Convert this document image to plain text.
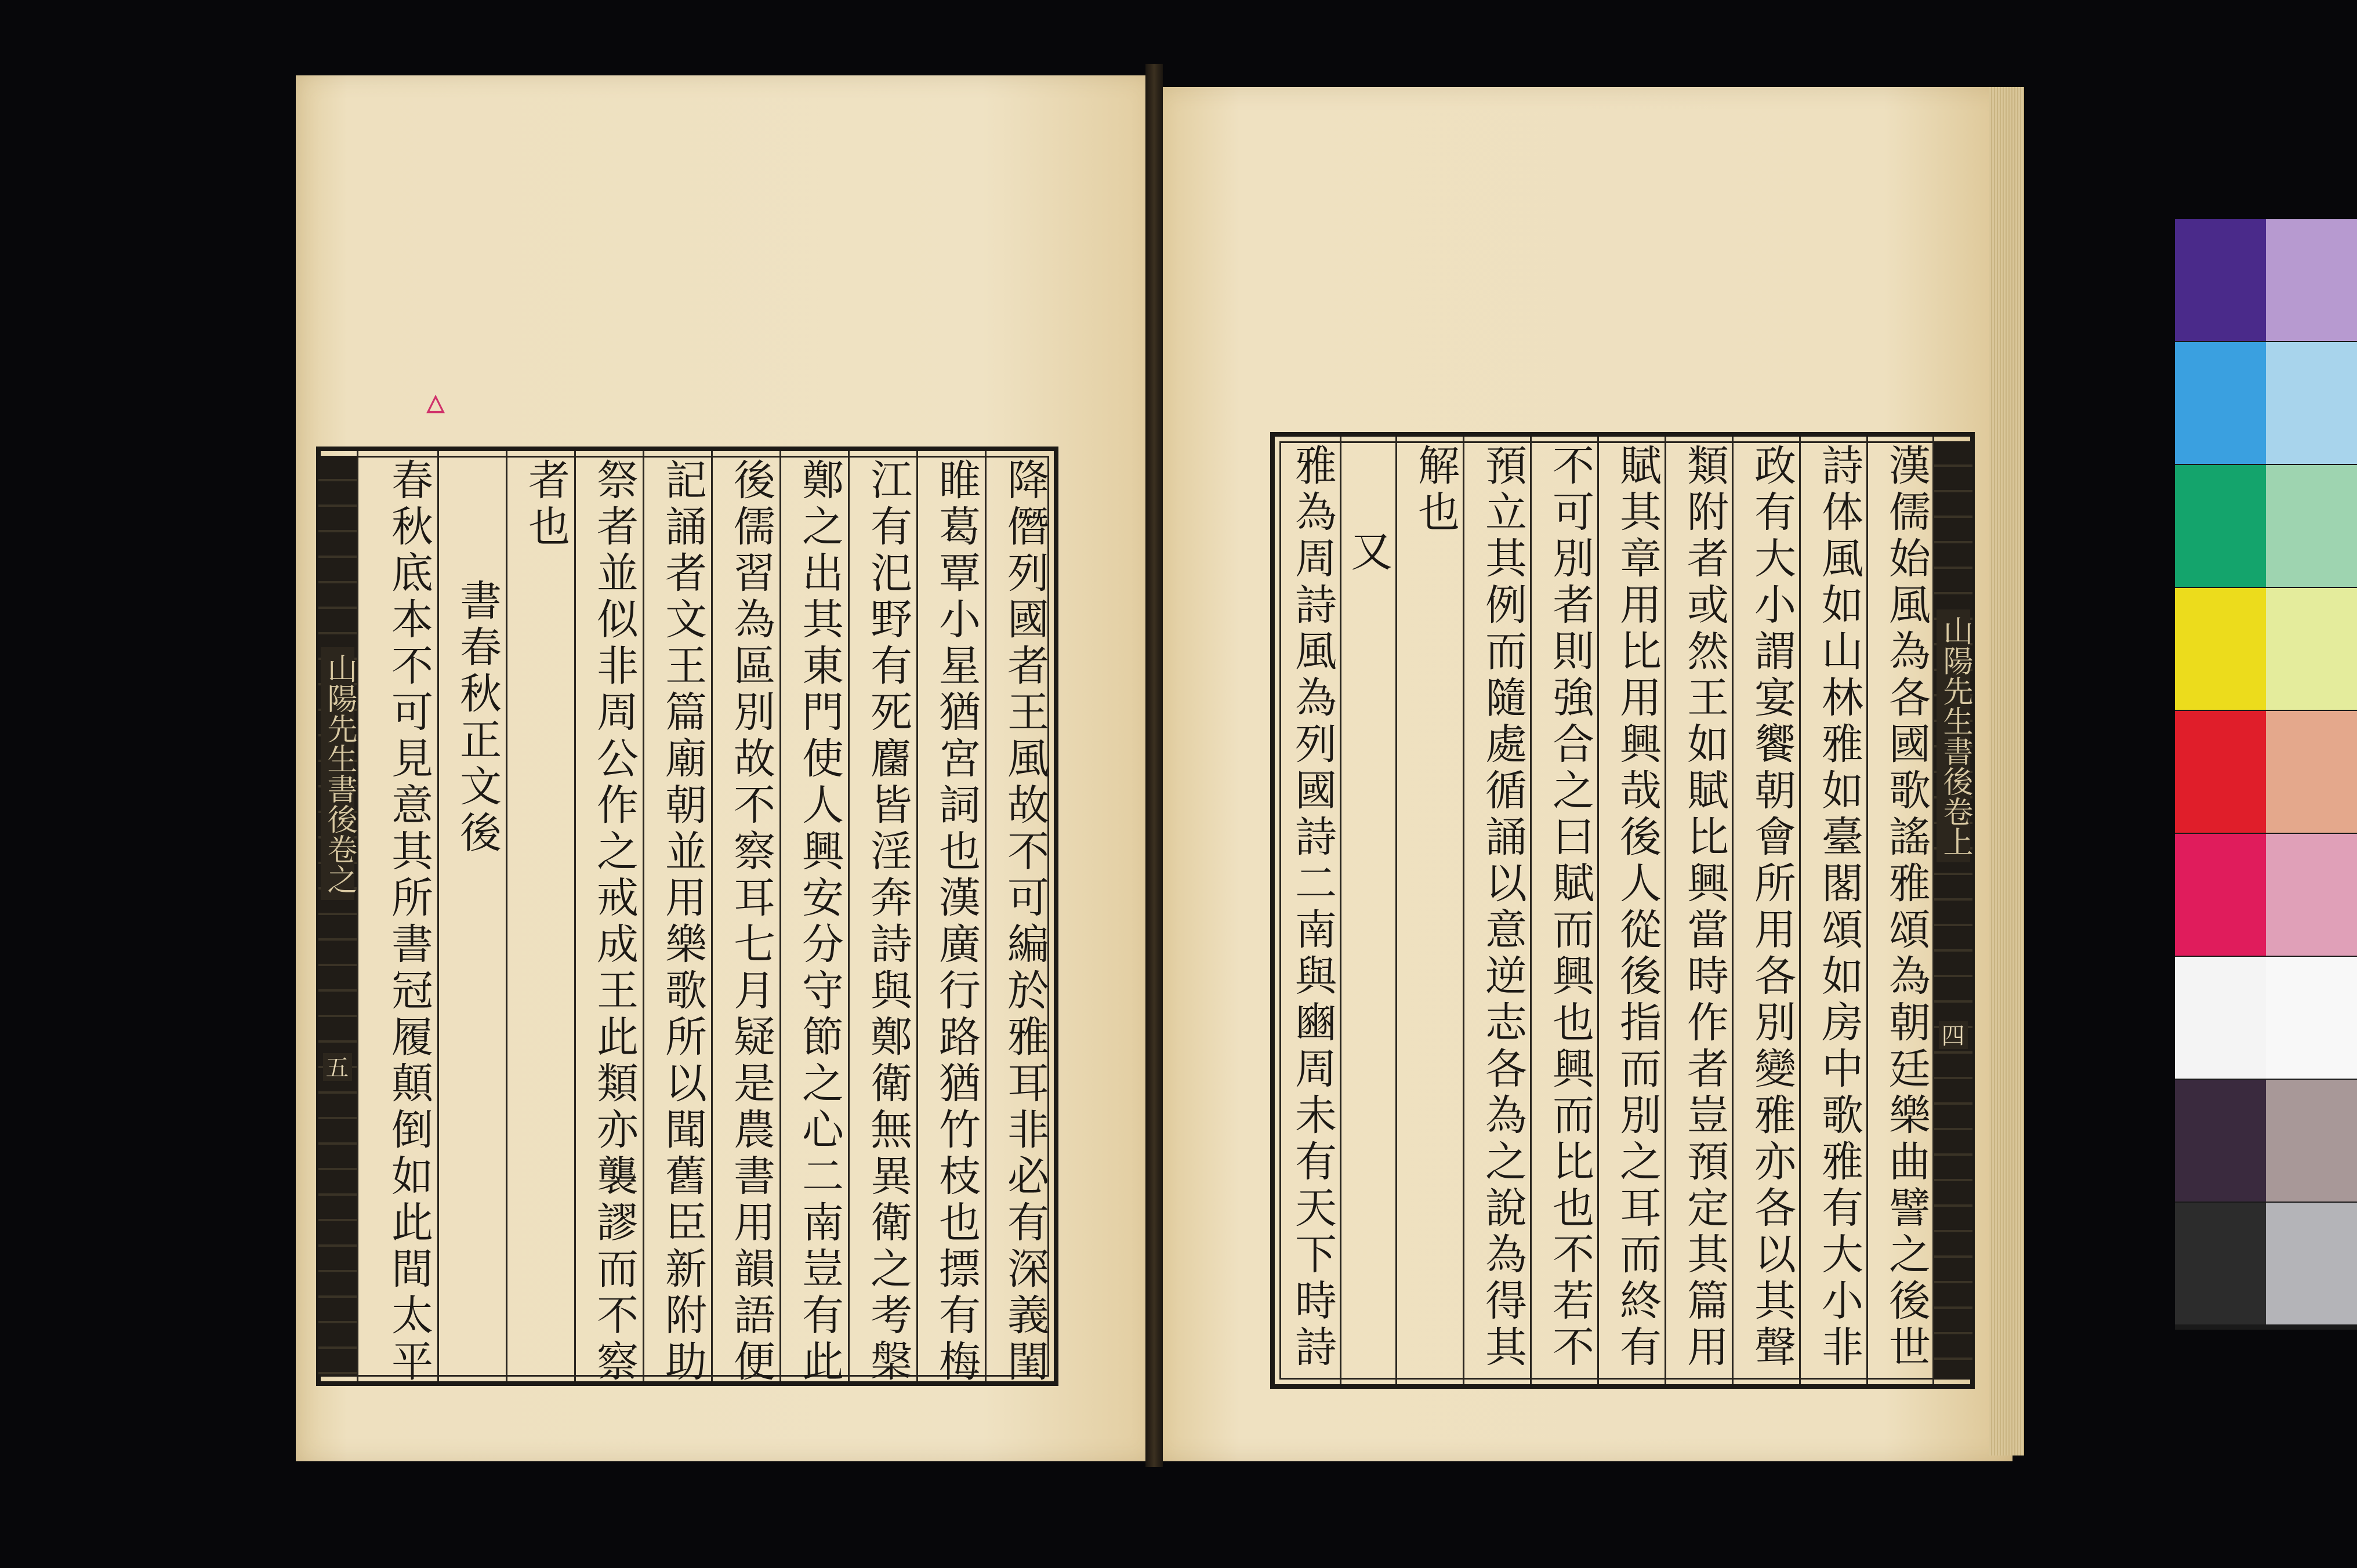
▵
山陽先生書後卷之
五	降僭列國者王風故不可編於雅耳非必有深義閨
睢葛覃小星猶宮詞也漢廣行路猶竹枝也摽有梅
江有汜野有死麕皆淫奔詩與鄭衛無異衛之考槃
鄭之出其東門使人興安分守節之心二南豈有此
後儒習為區別故不察耳七月疑是農書用韻語便
記誦者文王篇廟朝並用樂歌所以聞舊臣新附助
祭者並似非周公作之戒成王此類亦襲謬而不察
者也
書春秋正文後
春秋底本不可見意其所書冠履顛倒如此間太平	山陽先生書後卷上
四
漢儒始風為各國歌謠雅頌為朝廷樂曲譬之後世
詩体風如山林雅如臺閣頌如房中歌雅有大小非
政有大小謂宴饗朝會所用各別變雅亦各以其聲
類附者或然王如賦比興當時作者豈預定其篇用
賦其章用比用興哉後人從後指而別之耳而終有
不可別者則強合之曰賦而興也興而比也不若不
預立其例而隨處循誦以意逆志各為之說為得其
解也
又
雅為周詩風為列國詩二南與豳周未有天下時詩
